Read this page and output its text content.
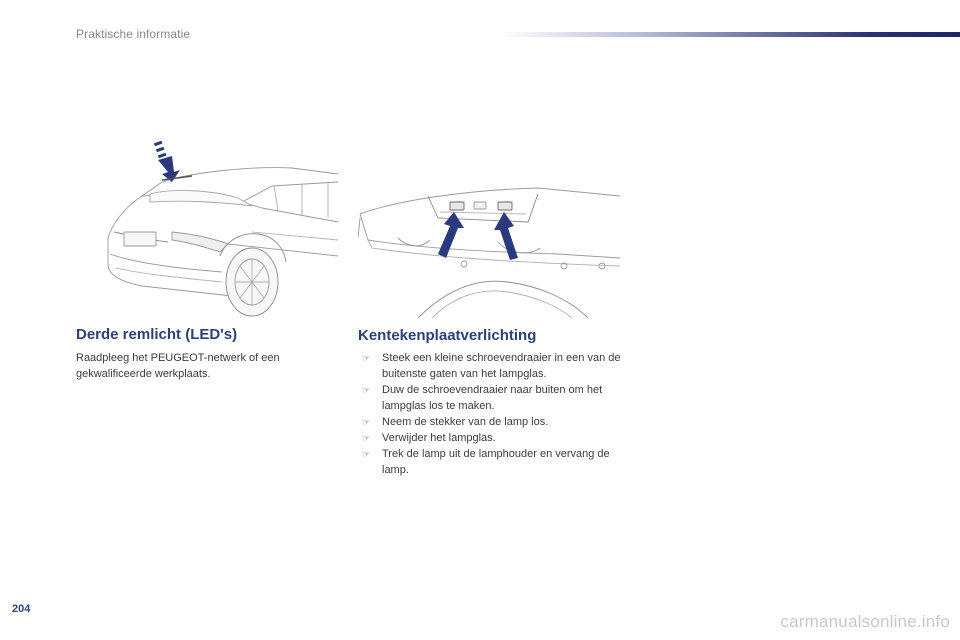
Praktische informatie
Derde remlicht (LED's)

Raadpleeg het PEUGEOT-netwerk of een gekwalificeerde werkplaats.

Kentekenplaatverlichting
☞ Steek een kleine schroevendraaier in een van de buitenste gaten van het lampglas.
☞ Duw de schroevendraaier naar buiten om het lampglas los te maken.
☞ Neem de stekker van de lamp los.
☞ Verwijder het lampglas.
☞ Trek de lamp uit de lamphouder en vervang de lamp.
204
carmanualsonline.info
